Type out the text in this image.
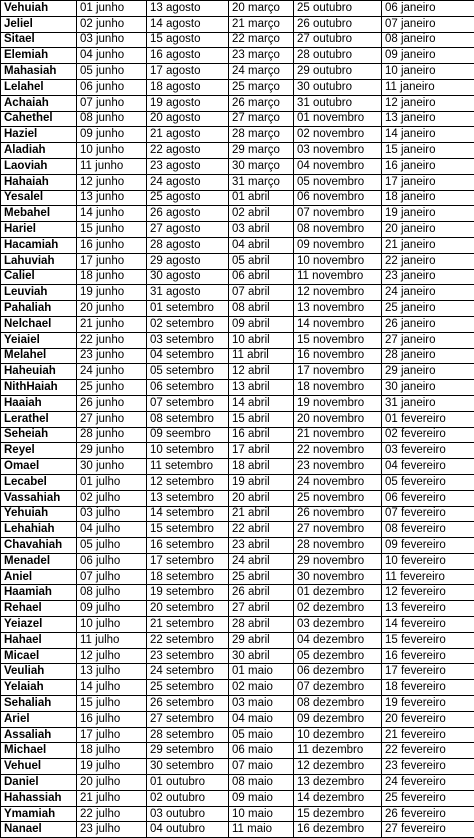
Vehuiah	01 junho	13 agosto	20 março	25 outubro	06 janeiro
Jeliel	02 junho	14 agosto	21 março	26 outubro	07 janeiro
Sitael	03 junho	15 agosto	22 março	27 outubro	08 janeiro
Elemiah	04 junho	16 agosto	23 março	28 outubro	09 janeiro
Mahasiah	05 junho	17 agosto	24 março	29 outubro	10 janeiro
Lelahel	06 junho	18 agosto	25 março	30 outubro	11 janeiro
Achaiah	07 junho	19 agosto	26 março	31 outubro	12 janeiro
Cahethel	08 junho	20 agosto	27 março	01 novembro	13 janeiro
Haziel	09 junho	21 agosto	28 março	02 novembro	14 janeiro
Aladiah	10 junho	22 agosto	29 março	03 novembro	15 janeiro
Laoviah	11 junho	23 agosto	30 março	04 novembro	16 janeiro
Hahaiah	12 junho	24 agosto	31 março	05 novembro	17 janeiro
Yesalel	13 junho	25 agosto	01 abril	06 novembro	18 janeiro
Mebahel	14 junho	26 agosto	02 abril	07 novembro	19 janeiro
Hariel	15 junho	27 agosto	03 abril	08 novembro	20 janeiro
Hacamiah	16 junho	28 agosto	04 abril	09 novembro	21 janeiro
Lahuviah	17 junho	29 agosto	05 abril	10 novembro	22 janeiro
Caliel	18 junho	30 agosto	06 abril	11 novembro	23 janeiro
Leuviah	19 junho	31 agosto	07 abril	12 novembro	24 janeiro
Pahaliah	20 junho	01 setembro	08 abril	13 novembro	25 janeiro
Nelchael	21 junho	02 setembro	09 abril	14 novembro	26 janeiro
Yeiaiel	22 junho	03 setembro	10 abril	15 novembro	27 janeiro
Melahel	23 junho	04 setembro	11 abril	16 novembro	28 janeiro
Haheuiah	24 junho	05 setembro	12 abril	17 novembro	29 janeiro
NithHaiah	25 junho	06 setembro	13 abril	18 novembro	30 janeiro
Haaiah	26 junho	07 setembro	14 abril	19 novembro	31 janeiro
Lerathel	27 junho	08 setembro	15 abril	20 novembro	01 fevereiro
Seheiah	28 junho	09 seembro	16 abril	21 novembro	02 fevereiro
Reyel	29 junho	10 setembro	17 abril	22 novembro	03 fevereiro
Omael	30 junho	11 setembro	18 abril	23 novembro	04 fevereiro
Lecabel	01 julho	12 setembro	19 abril	24 novembro	05 fevereiro
Vassahiah	02 julho	13 setembro	20 abril	25 novembro	06 fevereiro
Yehuiah	03 julho	14 setembro	21 abril	26 novembro	07 fevereiro
Lehahiah	04 julho	15 setembro	22 abril	27 novembro	08 fevereiro
Chavahiah	05 julho	16 setembro	23 abril	28 novembro	09 fevereiro
Menadel	06 julho	17 setembro	24 abril	29 novembro	10 fevereiro
Aniel	07 julho	18 setembro	25 abril	30 novembro	11 fevereiro
Haamiah	08 julho	19 setembro	26 abril	01 dezembro	12 fevereiro
Rehael	09 julho	20 setembro	27 abril	02 dezembro	13 fevereiro
Yeiazel	10 julho	21 setembro	28 abril	03 dezembro	14 fevereiro
Hahael	11 julho	22 setembro	29 abril	04 dezembro	15 fevereiro
Micael	12 julho	23 setembro	30 abril	05 dezembro	16 fevereiro
Veuliah	13 julho	24 setembro	01 maio	06 dezembro	17 fevereiro
Yelaiah	14 julho	25 setembro	02 maio	07 dezembro	18 fevereiro
Sehaliah	15 julho	26 setembro	03 maio	08 dezembro	19 fevereiro
Ariel	16 julho	27 setembro	04 maio	09 dezembro	20 fevereiro
Assaliah	17 julho	28 setembro	05 maio	10 dezembro	21 fevereiro
Michael	18 julho	29 setembro	06 maio	11 dezembro	22 fevereiro
Vehuel	19 julho	30 setembro	07 maio	12 dezembro	23 fevereiro
Daniel	20 julho	01 outubro	08 maio	13 dezembro	24 fevereiro
Hahassiah	21 julho	02 outubro	09 maio	14 dezembro	25 fevereiro
Ymamiah	22 julho	03 outubro	10 maio	15 dezembro	26 fevereiro
Nanael	23 julho	04 outubro	11 maio	16 dezembro	27 fevereiro
